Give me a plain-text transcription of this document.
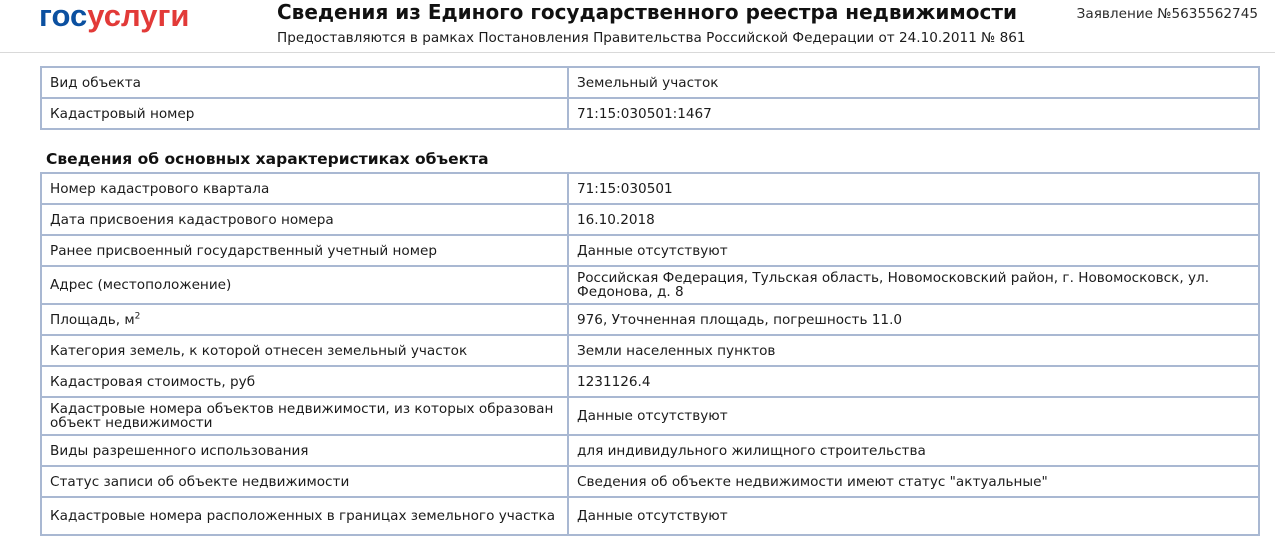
госуслуги	Сведения из Единого государственного реестра недвижимости
Предоставляются в рамках Постановления Правительства Российской Федерации от 24.10.2011 № 861
Заявление №5635562745
Вид объекта	Земельный участок
Кадастровый номер	71:15:030501:1467
Сведения об основных характеристиках объекта
Номер кадастрового квартала	71:15:030501
Дата присвоения кадастрового номера	16.10.2018
Ранее присвоенный государственный учетный номер	Данные отсутствуют
Адрес (местоположение)	Российская Федерация, Тульская область, Новомосковский район, г. Новомосковск, ул. Федонова, д. 8
Площадь, $м^2$	976, Уточненная площадь, погрешность 11.0
Категория земель, к которой отнесен земельный участок	Земли населенных пунктов
Кадастровая стоимость, руб	1231126.4
Кадастровые номера объектов недвижимости, из которых образован объект недвижимости	Данные отсутствуют
Виды разрешенного использования	для индивидульного жилищного строительства
Статус записи об объекте недвижимости	Сведения об объекте недвижимости имеют статус "актуальные"
Кадастровые номера расположенных в границах земельного участка	Данные отсутствуют
